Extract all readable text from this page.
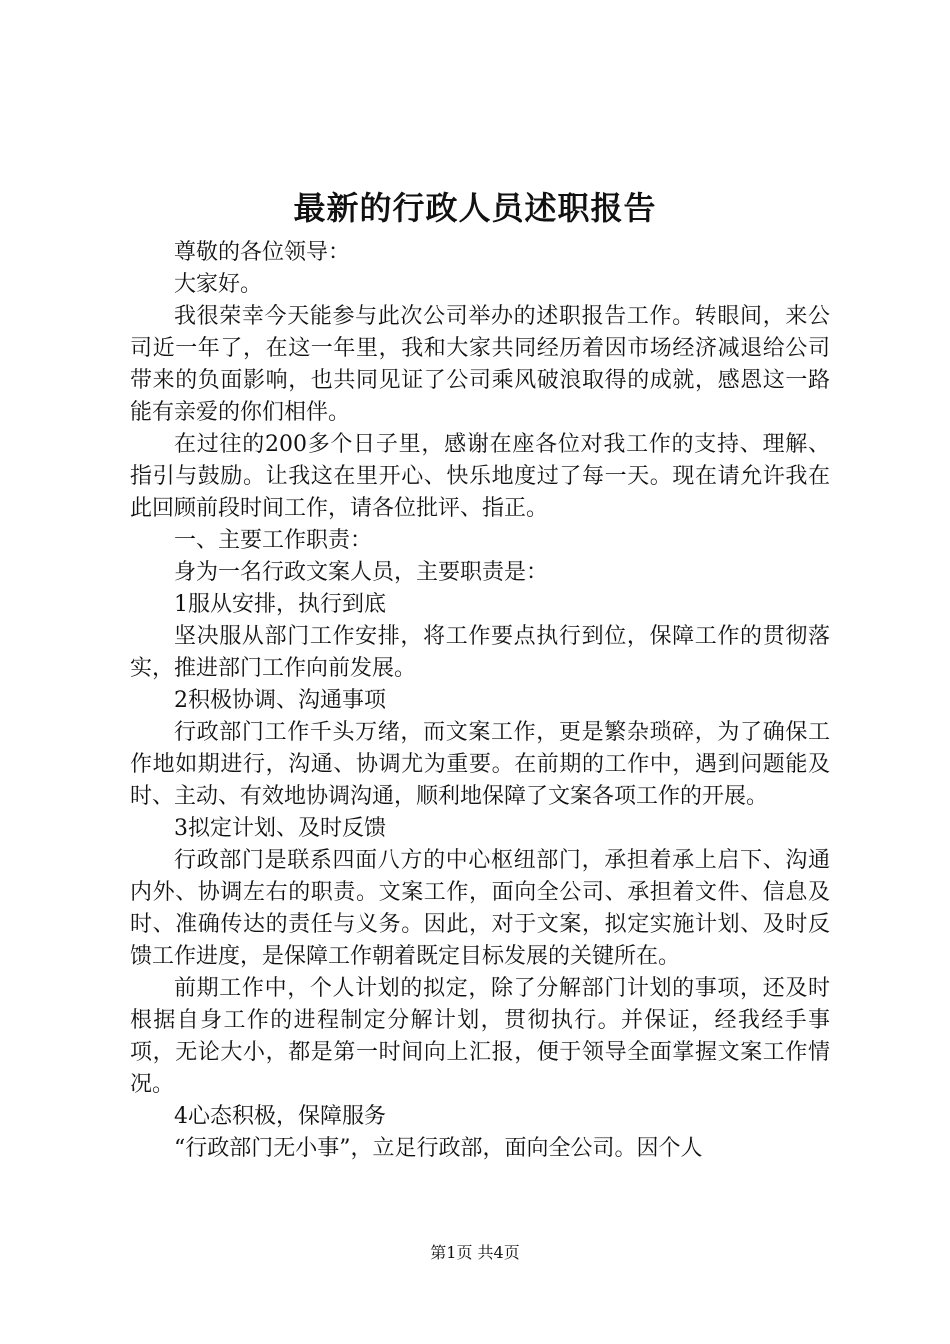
最新的行政人员述职报告

尊敬的各位领导：

大家好。

我很荣幸今天能参与此次公司举办的述职报告工作。转眼间，来公司近一年了，在这一年里，我和大家共同经历着因市场经济减退给公司带来的负面影响，也共同见证了公司乘风破浪取得的成就，感恩这一路能有亲爱的你们相伴。

在过往的200多个日子里，感谢在座各位对我工作的支持、理解、指引与鼓励。让我这在里开心、快乐地度过了每一天。现在请允许我在此回顾前段时间工作，请各位批评、指正。

一、主要工作职责：

身为一名行政文案人员，主要职责是：

1服从安排，执行到底

坚决服从部门工作安排，将工作要点执行到位，保障工作的贯彻落实，推进部门工作向前发展。

2积极协调、沟通事项

行政部门工作千头万绪，而文案工作，更是繁杂琐碎，为了确保工作地如期进行，沟通、协调尤为重要。在前期的工作中，遇到问题能及时、主动、有效地协调沟通，顺利地保障了文案各项工作的开展。

3拟定计划、及时反馈

行政部门是联系四面八方的中心枢纽部门，承担着承上启下、沟通内外、协调左右的职责。文案工作，面向全公司、承担着文件、信息及时、准确传达的责任与义务。因此，对于文案，拟定实施计划、及时反馈工作进度，是保障工作朝着既定目标发展的关键所在。

前期工作中，个人计划的拟定，除了分解部门计划的事项，还及时根据自身工作的进程制定分解计划，贯彻执行。并保证，经我经手事项，无论大小，都是第一时间向上汇报，便于领导全面掌握文案工作情况。

4心态积极，保障服务

“行政部门无小事”，立足行政部，面向全公司。因个人

第1页 共4页
